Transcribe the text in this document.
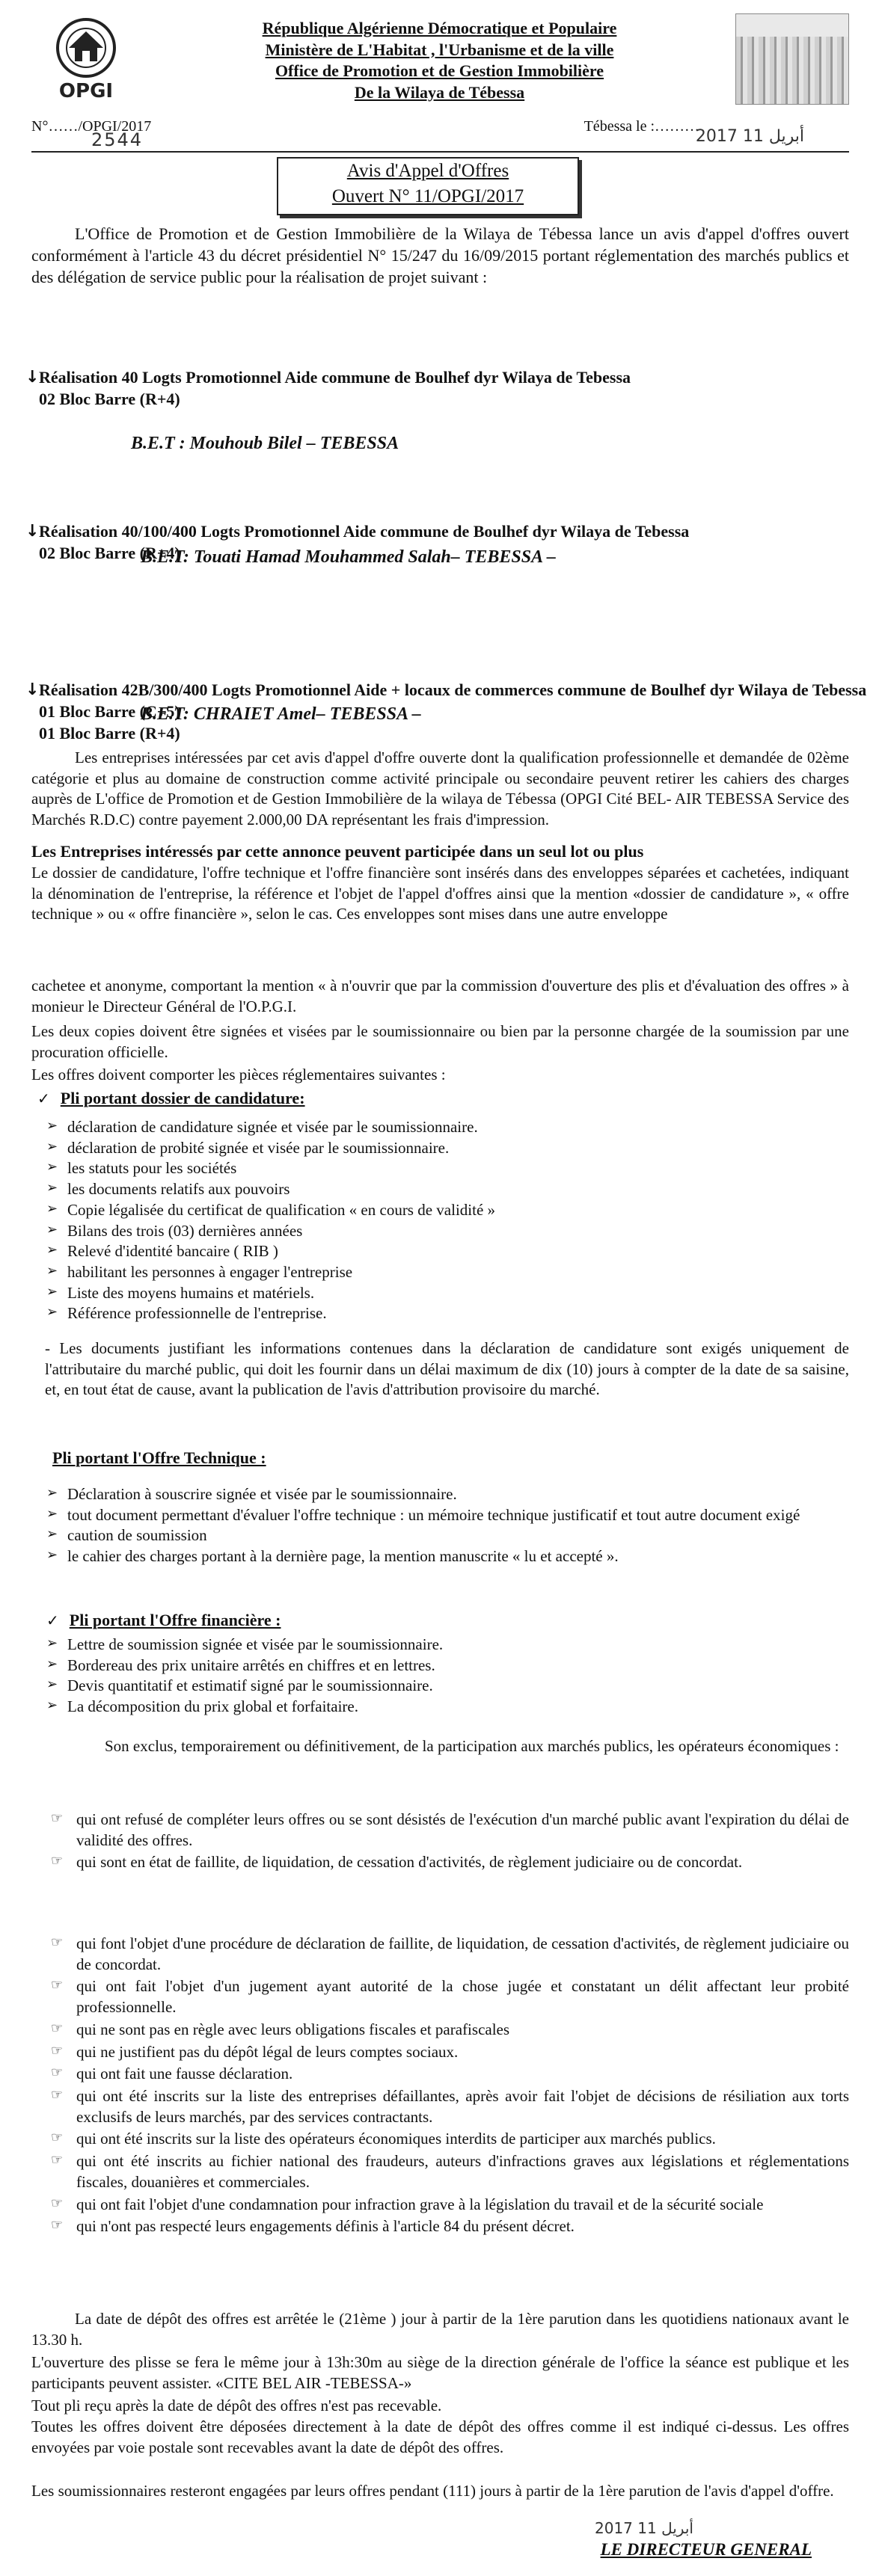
OPGI
République Algérienne Démocratique et Populaire
Ministère de L'Habitat , l'Urbanisme et de la ville
Office de Promotion et de Gestion Immobilière
De la Wilaya de Tébessa
N°……/OPGI/2017
2544
Tébessa le :………
2017 أبريل 11
Avis d'Appel d'Offres
Ouvert N° 11/OPGI/2017
L'Office de Promotion et de Gestion Immobilière de la Wilaya de Tébessa lance un avis d'appel d'offres ouvert conformément à l'article 43 du décret présidentiel N° 15/247 du 16/09/2015 portant réglementation des marchés publics et des délégation de service public pour la réalisation de projet suivant :
↓ Réalisation 40 Logts Promotionnel Aide commune de Boulhef dyr Wilaya de Tebessa
02 Bloc Barre (R+4)
B.E.T : Mouhoub Bilel – TEBESSA
↓ Réalisation 40/100/400 Logts Promotionnel Aide commune de Boulhef dyr Wilaya de Tebessa
02 Bloc Barre (R+4)
B.E.T: Touati Hamad Mouhammed Salah– TEBESSA –
↓ Réalisation 42B/300/400 Logts Promotionnel Aide + locaux de commerces commune de Boulhef dyr Wilaya de Tebessa
01 Bloc Barre (C+5)
01 Bloc Barre (R+4)
B.E.T: CHRAIET Amel– TEBESSA –
Les entreprises intéressées par cet avis d'appel d'offre ouverte dont la qualification professionnelle et demandée de 02ème catégorie et plus au domaine de construction comme activité principale ou secondaire peuvent retirer les cahiers des charges auprès de L'office de Promotion et de Gestion Immobilière de la wilaya de Tébessa (OPGI Cité BEL- AIR TEBESSA Service des Marchés R.D.C) contre payement 2.000,00 DA représentant les frais d'impression.
Les Entreprises intéressés par cette annonce peuvent participée dans un seul lot ou plus
Le dossier de candidature, l'offre technique et l'offre financière sont insérés dans des enveloppes séparées et cachetées, indiquant la dénomination de l'entreprise, la référence et l'objet de l'appel d'offres ainsi que la mention «dossier de candidature », « offre technique » ou « offre financière », selon le cas. Ces enveloppes sont mises dans une autre enveloppe
cachetee et anonyme, comportant la mention « à n'ouvrir que par la commission d'ouverture des plis et d'évaluation des offres » à monieur le Directeur Général de l'O.P.G.I.
Les deux copies doivent être signées et visées par le soumissionnaire ou bien par la personne chargée de la soumission par une procuration officielle.
Les offres doivent comporter les pièces réglementaires suivantes :
✓ Pli portant dossier de candidature:
➢ déclaration de candidature signée et visée par le soumissionnaire.
➢ déclaration de probité signée et visée par le soumissionnaire.
➢ les statuts pour les sociétés
➢ les documents relatifs aux pouvoirs
➢ Copie légalisée du certificat de qualification « en cours de validité »
➢ Bilans des trois (03) dernières années
➢ Relevé d'identité bancaire ( RIB )
➢ habilitant les personnes à engager l'entreprise
➢ Liste des moyens humains et matériels.
➢ Référence professionnelle de l'entreprise.
- Les documents justifiant les informations contenues dans la déclaration de candidature sont exigés uniquement de l'attributaire du marché public, qui doit les fournir dans un délai maximum de dix (10) jours à compter de la date de sa saisine, et, en tout état de cause, avant la publication de l'avis d'attribution provisoire du marché.
Pli portant l'Offre Technique :
➢ Déclaration à souscrire signée et visée par le soumissionnaire.
➢ tout document permettant d'évaluer l'offre technique : un mémoire technique justificatif et tout autre document exigé
➢ caution de soumission
➢ le cahier des charges portant à la dernière page, la mention manuscrite « lu et accepté ».
✓ Pli portant l'Offre financière :
➢ Lettre de soumission signée et visée par le soumissionnaire.
➢ Bordereau des prix unitaire arrêtés en chiffres et en lettres.
➢ Devis quantitatif et estimatif signé par le soumissionnaire.
➢ La décomposition du prix global et forfaitaire.
Son exclus, temporairement ou définitivement, de la participation aux marchés publics, les opérateurs économiques :
☞ qui ont refusé de compléter leurs offres ou se sont désistés de l'exécution d'un marché public avant l'expiration du délai de validité des offres.
☞ qui sont en état de faillite, de liquidation, de cessation d'activités, de règlement judiciaire ou de concordat.
☞ qui font l'objet d'une procédure de déclaration de faillite, de liquidation, de cessation d'activités, de règlement judiciaire ou de concordat.
☞ qui ont fait l'objet d'un jugement ayant autorité de la chose jugée et constatant un délit affectant leur probité professionnelle.
☞ qui ne sont pas en règle avec leurs obligations fiscales et parafiscales
☞ qui ne justifient pas du dépôt légal de leurs comptes sociaux.
☞ qui ont fait une fausse déclaration.
☞ qui ont été inscrits sur la liste des entreprises défaillantes, après avoir fait l'objet de décisions de résiliation aux torts exclusifs de leurs marchés, par des services contractants.
☞ qui ont été inscrits sur la liste des opérateurs économiques interdits de participer aux marchés publics.
☞ qui ont été inscrits au fichier national des fraudeurs, auteurs d'infractions graves aux législations et réglementations fiscales, douanières et commerciales.
☞ qui ont fait l'objet d'une condamnation pour infraction grave à la législation du travail et de la sécurité sociale
☞ qui n'ont pas respecté leurs engagements définis à l'article 84 du présent décret.
La date de dépôt des offres est arrêtée le (21ème ) jour à partir de la 1ère parution dans les quotidiens nationaux avant le 13.30 h.
L'ouverture des plisse se fera le même jour à 13h:30m au siège de la direction générale de l'office la séance est publique et les participants peuvent assister. «CITE BEL AIR -TEBESSA-»
Tout pli reçu après la date de dépôt des offres n'est pas recevable.
Toutes les offres doivent être déposées directement à la date de dépôt des offres comme il est indiqué ci-dessus. Les offres envoyées par voie postale sont recevables avant la date de dépôt des offres.
Les soumissionnaires resteront engagées par leurs offres pendant (111) jours à partir de la 1ère parution de l'avis d'appel d'offre.
2017 أبريل 11
LE DIRECTEUR GENERAL
